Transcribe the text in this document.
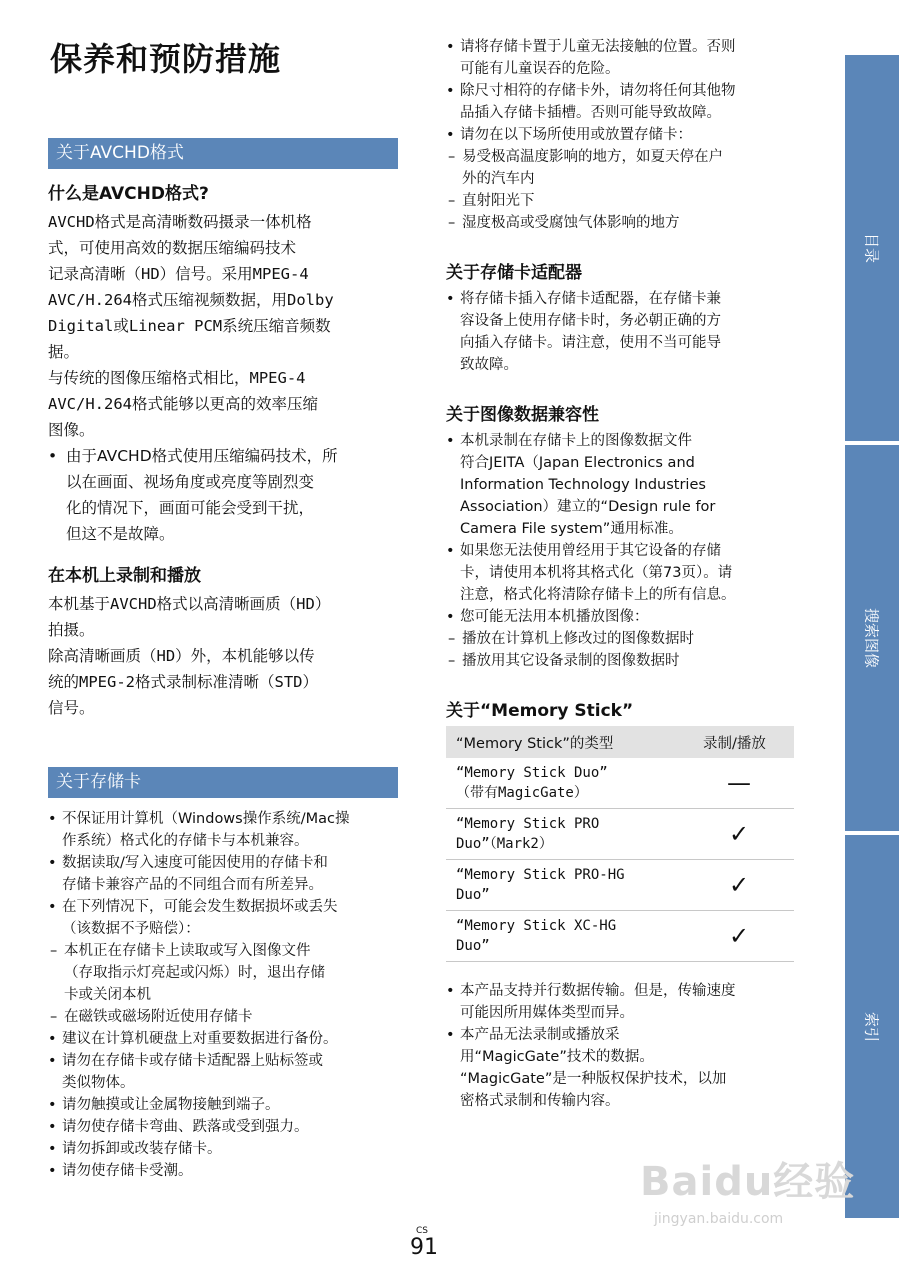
保养和预防措施
关于AVCHD格式
什么是AVCHD格式?
AVCHD格式是高清晰数码摄录一体机格
式，可使用高效的数据压缩编码技术
记录高清晰（HD）信号。采用MPEG-4
AVC/H.264格式压缩视频数据，用Dolby
Digital或Linear PCM系统压缩音频数
据。
与传统的图像压缩格式相比，MPEG-4
AVC/H.264格式能够以更高的效率压缩
图像。
• 由于AVCHD格式使用压缩编码技术，所
以在画面、视场角度或亮度等剧烈变
化的情况下，画面可能会受到干扰，
但这不是故障。
在本机上录制和播放
本机基于AVCHD格式以高清晰画质（HD）
拍摄。
除高清晰画质（HD）外，本机能够以传
统的MPEG-2格式录制标准清晰（STD）
信号。
关于存储卡
• 不保证用计算机（Windows操作系统/Mac操
作系统）格式化的存储卡与本机兼容。
• 数据读取/写入速度可能因使用的存储卡和
存储卡兼容产品的不同组合而有所差异。
• 在下列情况下，可能会发生数据损坏或丢失
（该数据不予赔偿）：
– 本机正在存储卡上读取或写入图像文件
（存取指示灯亮起或闪烁）时，退出存储
卡或关闭本机
– 在磁铁或磁场附近使用存储卡
• 建议在计算机硬盘上对重要数据进行备份。
• 请勿在存储卡或存储卡适配器上贴标签或
类似物体。
• 请勿触摸或让金属物接触到端子。
• 请勿使存储卡弯曲、跌落或受到强力。
• 请勿拆卸或改装存储卡。
• 请勿使存储卡受潮。
• 请将存储卡置于儿童无法接触的位置。否则
可能有儿童误吞的危险。
• 除尺寸相符的存储卡外，请勿将任何其他物
品插入存储卡插槽。否则可能导致故障。
• 请勿在以下场所使用或放置存储卡：
– 易受极高温度影响的地方，如夏天停在户
外的汽车内
– 直射阳光下
– 湿度极高或受腐蚀气体影响的地方
关于存储卡适配器
• 将存储卡插入存储卡适配器，在存储卡兼
容设备上使用存储卡时，务必朝正确的方
向插入存储卡。请注意，使用不当可能导
致故障。
关于图像数据兼容性
• 本机录制在存储卡上的图像数据文件
符合JEITA（Japan Electronics and
Information Technology Industries
Association）建立的“Design rule for
Camera File system”通用标准。
• 如果您无法使用曾经用于其它设备的存储
卡，请使用本机将其格式化（第73页）。请
注意，格式化将清除存储卡上的所有信息。
• 您可能无法用本机播放图像：
– 播放在计算机上修改过的图像数据时
– 播放用其它设备录制的图像数据时
关于“Memory Stick”
“Memory Stick”的类型	录制/播放

“Memory Stick Duo”
（带有MagicGate）	—

“Memory Stick PRO
Duo”（Mark2）	✓

“Memory Stick PRO-HG
Duo”	✓

“Memory Stick XC-HG
Duo”	✓
• 本产品支持并行数据传输。但是，传输速度
可能因所用媒体类型而异。
• 本产品无法录制或播放采
用“MagicGate”技术的数据。
“MagicGate”是一种版权保护技术，以加
密格式录制和传输内容。
目录
搜索图像
索引
CS
91
Baidu经验
jingyan.baidu.com
